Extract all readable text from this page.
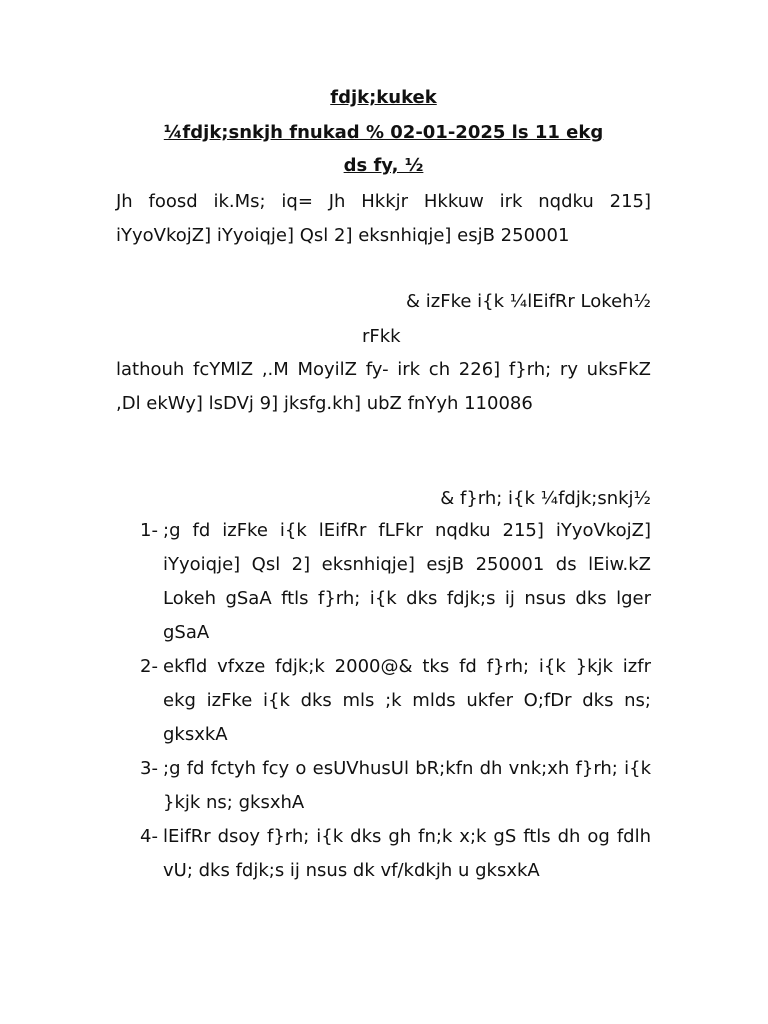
fdjk;kukek

¼fdjk;snkjh fnukad % 02-01-2025 ls 11 ekg

ds fy, ½

Jh foosd ik.Ms; iq= Jh Hkkjr Hkkuw irk nqdku 215] iYyoVkojZ] iYyoiqje] Qsl 2] eksnhiqje] esjB 250001

& izFke i{k ¼lEifRr Lokeh½

rFkk

lathouh fcYMlZ ,.M MoyilZ fy- irk ch 226] f}rh; ry uksFkZ ,Dl ekWy] lsDVj 9] jksfg.kh] ubZ fnYyh 110086

& f}rh; i{k ¼fdjk;snkj½

1- ;g fd izFke i{k lEifRr fLFkr nqdku 215] iYyoVkojZ] iYyoiqje] Qsl 2] eksnhiqje] esjB 250001 ds lEiw.kZ Lokeh gSaA ftls f}rh; i{k dks fdjk;s ij nsus dks lger gSaA
2- ekfld vfxze fdjk;k 2000@& tks fd f}rh; i{k }kjk izfr ekg izFke i{k dks mls ;k mlds ukfer O;fDr dks ns; gksxkA
3- ;g fd fctyh fcy o esUVhusUl bR;kfn dh vnk;xh f}rh; i{k }kjk ns; gksxhA
4- lEifRr dsoy f}rh; i{k dks gh fn;k x;k gS ftls dh og fdlh vU; dks fdjk;s ij nsus dk vf/kdkjh u gksxkA
